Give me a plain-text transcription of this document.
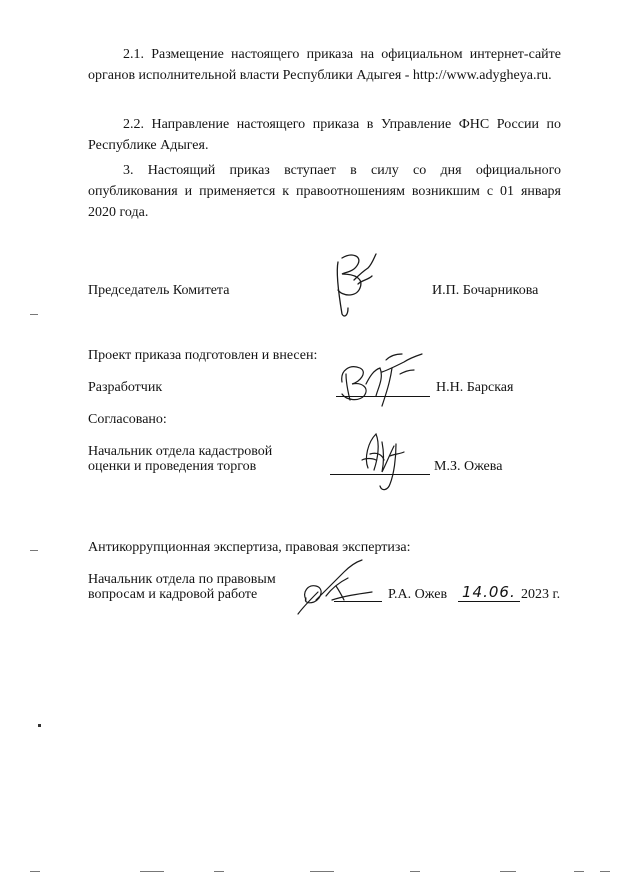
2.1. Размещение настоящего приказа на официальном интернет-сайте органов исполнительной власти Республики Адыгея - http://www.adygheya.ru.

2.2. Направление настоящего приказа в Управление ФНС России по Республике Адыгея.

3. Настоящий приказ вступает в силу со дня официального опубликования и применяется к правоотношениям возникшим с 01 января 2020 года.

Председатель Комитета	И.П. Бочарникова
Проект приказа подготовлен и внесен:
Разработчик	Н.Н. Барская
Согласовано:
Начальник отдела кадастровой
оценки и проведения торгов	М.З. Ожева
Антикоррупционная экспертиза, правовая экспертиза:
Начальник отдела по правовым
вопросам и кадровой работе	Р.А. Ожев 14.06. 2023 г.
